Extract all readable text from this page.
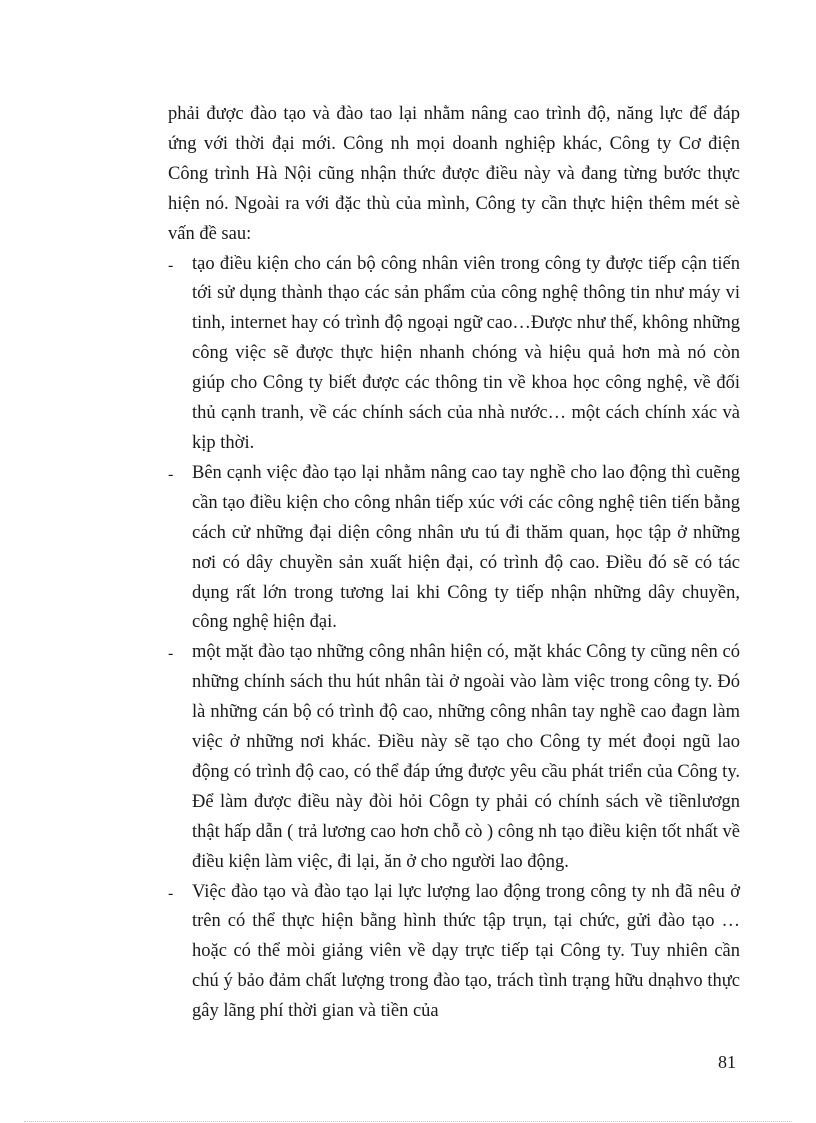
phải được đào tạo và đào tao lại nhằm nâng cao trình độ, năng lực để đáp ứng với thời đại mới. Công nh mọi doanh nghiệp khác, Công ty Cơ điện Công trình Hà Nội cũng nhận thức được điều này và đang từng bước thực hiện nó. Ngoài ra với đặc thù của mình, Công ty cần thực hiện thêm mét sè vấn đề sau:

- tạo điều kiện cho cán bộ công nhân viên trong công ty được tiếp cận tiến tới sử dụng thành thạo các sản phẩm của công nghệ thông tin như máy vi tinh, internet hay có trình độ ngoại ngữ cao…Được như thế, không những công việc sẽ được thực hiện nhanh chóng và hiệu quả hơn mà nó còn giúp cho Công ty biết được các thông tin về khoa học công nghệ, về đối thủ cạnh tranh, về các chính sách của nhà nước… một cách chính xác và kịp thời.

- Bên cạnh việc đào tạo lại nhằm nâng cao tay nghề cho lao động thì cuẽng cần tạo điều kiện cho công nhân tiếp xúc với các công nghệ tiên tiến bằng cách cử những đại diện công nhân ưu tú đi thăm quan, học tập ở những nơi có dây chuyền sản xuất hiện đại, có trình độ cao. Điều đó sẽ có tác dụng rất lớn trong tương lai khi Công ty tiếp nhận những dây chuyền, công nghệ hiện đại.

- một mặt đào tạo những công nhân hiện có, mặt khác Công ty cũng nên có những chính sách thu hút nhân tài ở ngoài vào làm việc trong công ty. Đó là những cán bộ có trình độ cao, những công nhân tay nghề cao đagn làm việc ở những nơi khác. Điều này sẽ tạo cho Công ty mét đoọi ngũ lao động có trình độ cao, có thể đáp ứng được yêu cầu phát triển của Công ty. Để làm được điều này đòi hỏi Côgn ty phải có chính sách về tiềnlươgn thật hấp dẫn ( trả lương cao hơn chỗ cò ) công nh tạo điều kiện tốt nhất về điều kiện làm việc, đi lại, ăn ở cho người lao động.

- Việc đào tạo và đào tạo lại lực lượng lao động trong công ty nh đã nêu ở trên có thể thực hiện bằng hình thức tập trụn, tại chức, gửi đào tạo … hoặc có thể mòi giảng viên về dạy trực tiếp tại Công ty. Tuy nhiên cần chú ý bảo đảm chất lượng trong đào tạo, trách tình trạng hữu dnạhvo thực gây lãng phí thời gian và tiền của

81
